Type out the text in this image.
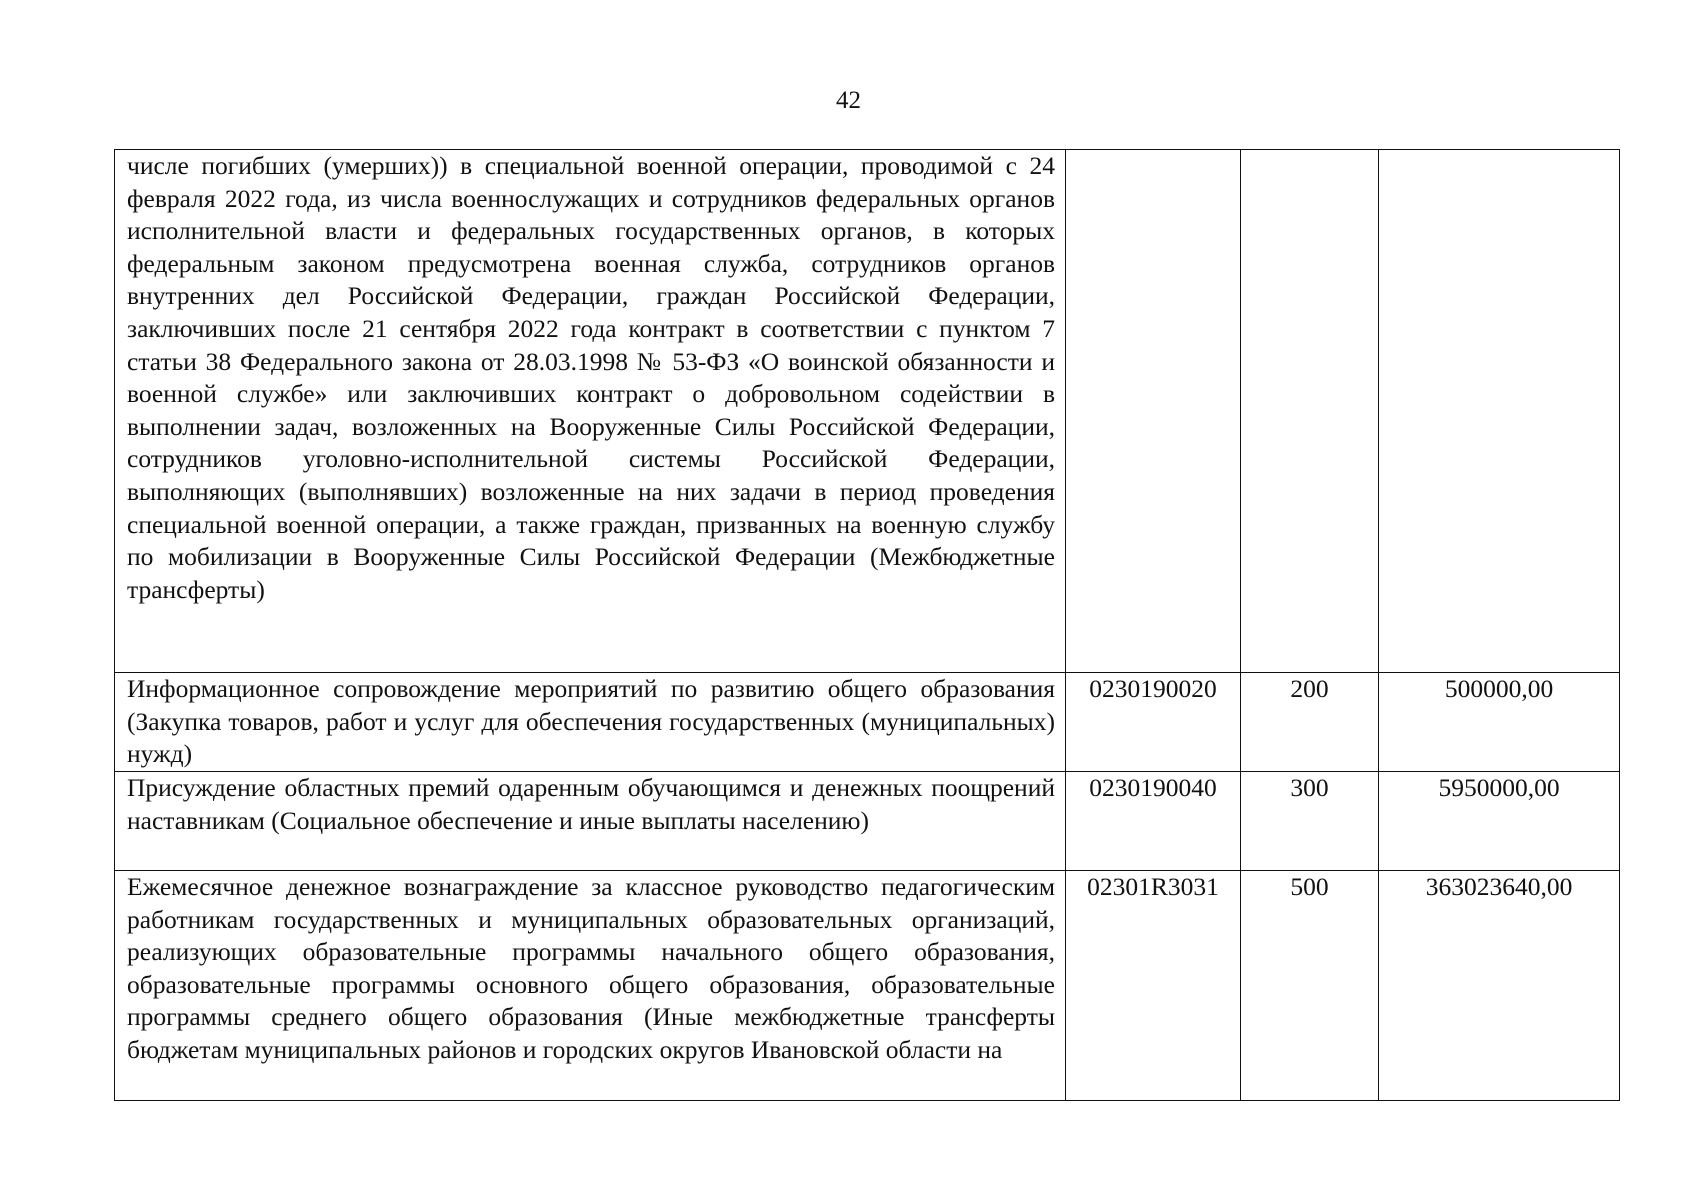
42
числе погибших (умерших)) в специальной военной операции, проводимой с 24 февраля 2022 года, из числа военнослужащих и сотрудников федеральных органов исполнительной власти и федеральных государственных органов, в которых федеральным законом предусмотрена военная служба, сотрудников органов внутренних дел Российской Федерации, граждан Российской Федерации, заключивших после 21 сентября 2022 года контракт в соответствии с пунктом 7 статьи 38 Федерального закона от 28.03.1998 № 53-ФЗ «О воинской обязанности и военной службе» или заключивших контракт о добровольном содействии в выполнении задач, возложенных на Вооруженные Силы Российской Федерации, сотрудников уголовно-исполнительной системы Российской Федерации, выполняющих (выполнявших) возложенные на них задачи в период проведения специальной военной операции, а также граждан, призванных на военную службу по мобилизации в Вооруженные Силы Российской Федерации (Межбюджетные трансферты)			

Информационное сопровождение мероприятий по развитию общего образования (Закупка товаров, работ и услуг для обеспечения государственных (муниципальных) нужд)	0230190020	200	500000,00

Присуждение областных премий одаренным обучающимся и денежных поощрений наставникам (Социальное обеспечение и иные выплаты населению)	0230190040	300	5950000,00

Ежемесячное денежное вознаграждение за классное руководство педагогическим работникам государственных и муниципальных образовательных организаций, реализующих образовательные программы начального общего образования, образовательные программы основного общего образования, образовательные программы среднего общего образования (Иные межбюджетные трансферты бюджетам муниципальных районов и городских округов Ивановской области на	02301R3031	500	363023640,00
